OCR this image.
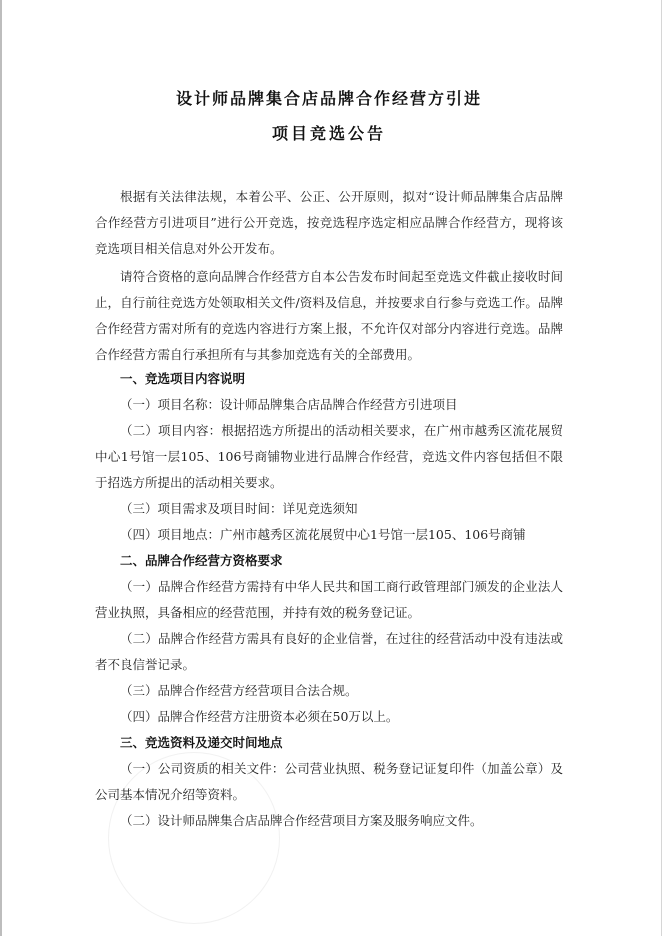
设计师品牌集合店品牌合作经营方引进
项目竞选公告

根据有关法律法规，本着公平、公正、公开原则，拟对“设计师品牌集合店品牌合作经营方引进项目”进行公开竞选，按竞选程序选定相应品牌合作经营方，现将该竞选项目相关信息对外公开发布。

请符合资格的意向品牌合作经营方自本公告发布时间起至竞选文件截止接收时间止，自行前往竞选方处领取相关文件/资料及信息，并按要求自行参与竞选工作。品牌合作经营方需对所有的竞选内容进行方案上报，不允许仅对部分内容进行竞选。品牌合作经营方需自行承担所有与其参加竞选有关的全部费用。

一、竞选项目内容说明

（一）项目名称：设计师品牌集合店品牌合作经营方引进项目

（二）项目内容：根据招选方所提出的活动相关要求，在广州市越秀区流花展贸中心1号馆一层105、106号商铺物业进行品牌合作经营，竞选文件内容包括但不限于招选方所提出的活动相关要求。

（三）项目需求及项目时间：详见竞选须知

（四）项目地点：广州市越秀区流花展贸中心1号馆一层105、106号商铺

二、品牌合作经营方资格要求

（一）品牌合作经营方需持有中华人民共和国工商行政管理部门颁发的企业法人营业执照，具备相应的经营范围，并持有效的税务登记证。

（二）品牌合作经营方需具有良好的企业信誉，在过往的经营活动中没有违法或者不良信誉记录。

（三）品牌合作经营方经营项目合法合规。

（四）品牌合作经营方注册资本必须在50万以上。

三、竞选资料及递交时间地点

（一）公司资质的相关文件：公司营业执照、税务登记证复印件（加盖公章）及公司基本情况介绍等资料。

（二）设计师品牌集合店品牌合作经营项目方案及服务响应文件。
